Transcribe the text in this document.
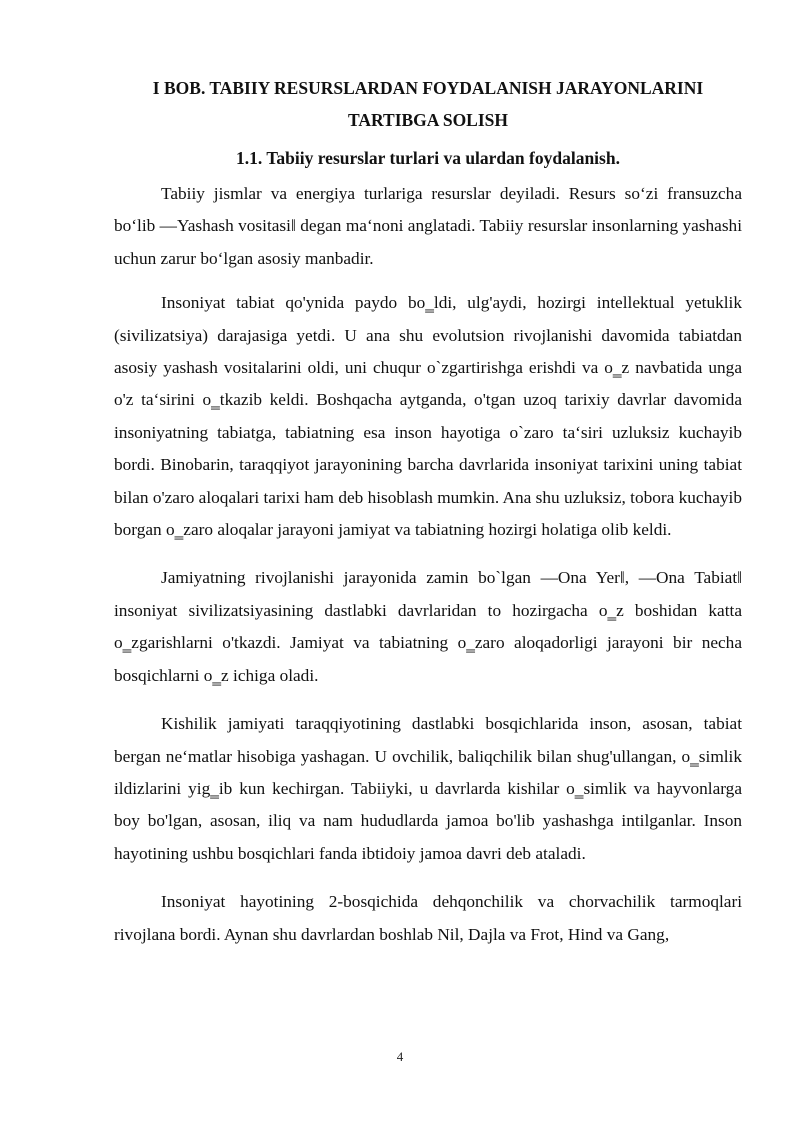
I BOB. TABIIY RESURSLARDAN FOYDALANISH JARAYONLARINI
TARTIBGA SOLISH
1.1. Tabiiy resurslar turlari va ulardan foydalanish.

Tabiiy jismlar va energiya turlariga resurslar deyiladi. Resurs so‘zi fransuzcha bo‘lib ―Yashash vositasi‖ degan ma‘noni anglatadi. Tabiiy resurslar insonlarning yashashi uchun zarur bo‘lgan asosiy manbadir.

Insoniyat tabiat qo'ynida paydo bo‗ldi, ulg'aydi, hozirgi intellektual yetuklik (sivilizatsiya) darajasiga yetdi. U ana shu evolutsion rivojlanishi davomida tabiatdan asosiy yashash vositalarini oldi, uni chuqur o`zgartirishga erishdi va o‗z navbatida unga o'z ta‘sirini o‗tkazib keldi. Boshqacha aytganda, o'tgan uzoq tarixiy davrlar davomida insoniyatning tabiatga, tabiatning esa inson hayotiga o`zaro ta‘siri uzluksiz kuchayib bordi. Binobarin, taraqqiyot jarayonining barcha davrlarida insoniyat tarixini uning tabiat bilan o'zaro aloqalari tarixi ham deb hisoblash mumkin. Ana shu uzluksiz, tobora kuchayib borgan o‗zaro aloqalar jarayoni jamiyat va tabiatning hozirgi holatiga olib keldi.

Jamiyatning rivojlanishi jarayonida zamin bo`lgan ―Ona Yer‖, ―Ona Tabiat‖ insoniyat sivilizatsiyasining dastlabki davrlaridan to hozirgacha o‗z boshidan katta o‗zgarishlarni o'tkazdi. Jamiyat va tabiatning o‗zaro aloqadorligi jarayoni bir necha bosqichlarni o‗z ichiga oladi.

Kishilik jamiyati taraqqiyotining dastlabki bosqichlarida inson, asosan, tabiat bergan ne‘matlar hisobiga yashagan. U ovchilik, baliqchilik bilan shug'ullangan, o‗simlik ildizlarini yig‗ib kun kechirgan. Tabiiyki, u davrlarda kishilar o‗simlik va hayvonlarga boy bo'lgan, asosan, iliq va nam hududlarda jamoa bo'lib yashashga intilganlar. Inson hayotining ushbu bosqichlari fanda ibtidoiy jamoa davri deb ataladi.

Insoniyat hayotining 2-bosqichida dehqonchilik va chorvachilik tarmoqlari rivojlana bordi. Aynan shu davrlardan boshlab Nil, Dajla va Frot, Hind va Gang,

4
